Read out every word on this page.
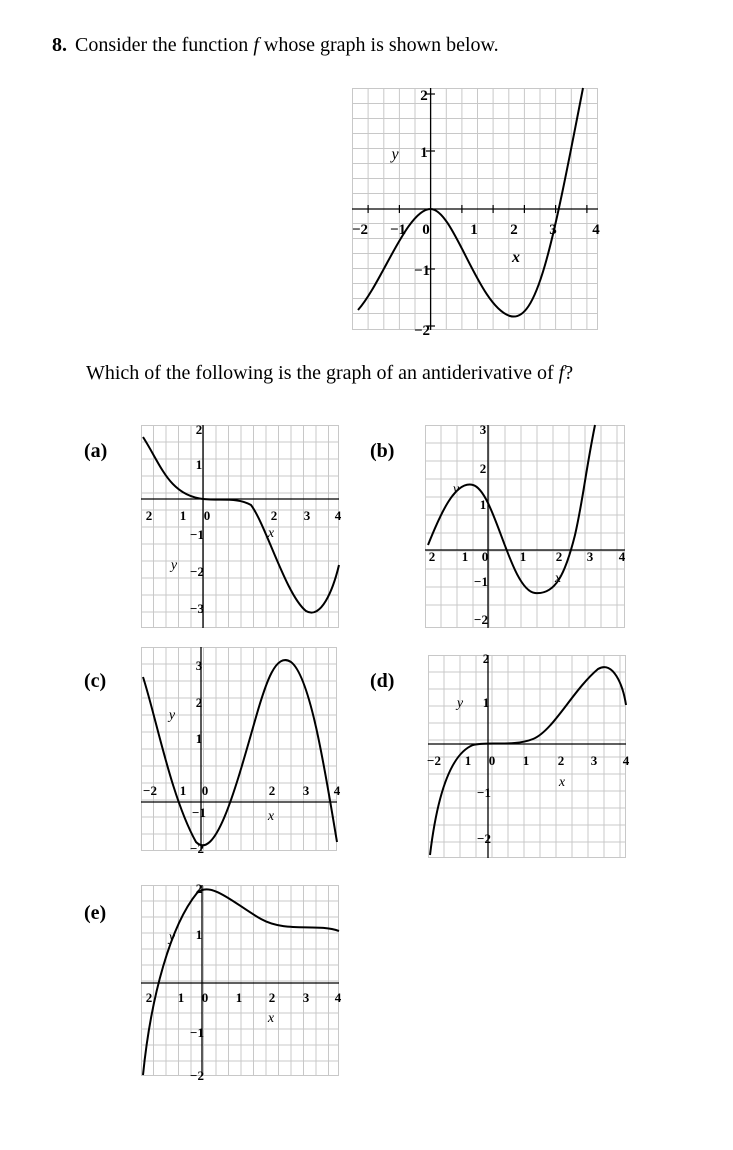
8. Consider the function f whose graph is shown below.
−2 −1 0	1 2 3 4
2
1
−1
−2
x
y
Which of the following is the graph of an antiderivative of f?
(a)	(b)
(c)	(d)
(e)
2 1 0	2 3 4
2
1
−1
−2
−3
x
y
2 1 0 1 2 3 4
3
2
1
−1
−2
x
y
−2 1 0	2 3 4
3
2
1
−1
−2
x
y
−2 1 0 1 2 3 4
2
1
−1
−2
x
y
2 1 0 1 2 3 4
2
1
−1
−2
x
y
